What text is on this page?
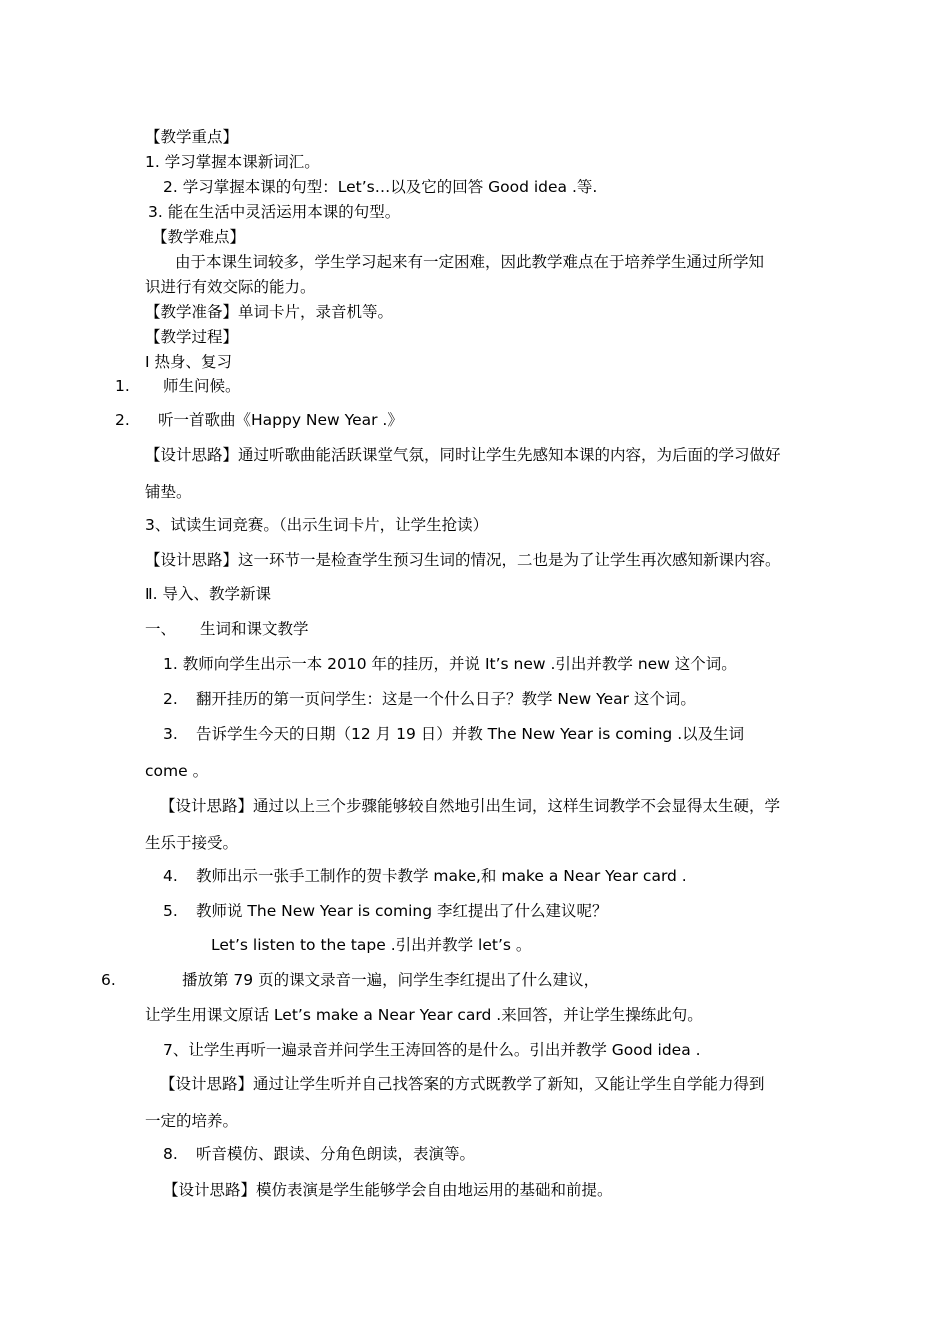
【教学重点】
1. 学习掌握本课新词汇。
2. 学习掌握本课的句型：Let’s…以及它的回答 Good idea .等.
3. 能在生活中灵活运用本课的句型。
【教学难点】
由于本课生词较多，学生学习起来有一定困难，因此教学难点在于培养学生通过所学知
识进行有效交际的能力。
【教学准备】单词卡片，录音机等。
【教学过程】
Ⅰ 热身、复习
1. 师生问候。
2. 听一首歌曲《Happy New Year .》
【设计思路】通过听歌曲能活跃课堂气氛，同时让学生先感知本课的内容，为后面的学习做好
铺垫。
3、试读生词竞赛。（出示生词卡片，让学生抢读）
【设计思路】这一环节一是检查学生预习生词的情况，二也是为了让学生再次感知新课内容。
Ⅱ. 导入、教学新课
一、 生词和课文教学
1. 教师向学生出示一本 2010 年的挂历，并说 It’s new .引出并教学 new 这个词。
2. 翻开挂历的第一页问学生：这是一个什么日子？教学 New Year 这个词。
3. 告诉学生今天的日期（12 月 19 日）并教 The New Year is coming .以及生词
come 。
【设计思路】通过以上三个步骤能够较自然地引出生词，这样生词教学不会显得太生硬，学
生乐于接受。
4. 教师出示一张手工制作的贺卡教学 make,和 make a Near Year card .
5. 教师说 The New Year is coming 李红提出了什么建议呢？
Let’s listen to the tape .引出并教学 let’s 。
6.	播放第 79 页的课文录音一遍，问学生李红提出了什么建议，
让学生用课文原话 Let’s make a Near Year card .来回答，并让学生操练此句。
7、让学生再听一遍录音并问学生王涛回答的是什么。引出并教学 Good idea .
【设计思路】通过让学生听并自己找答案的方式既教学了新知，又能让学生自学能力得到
一定的培养。
8. 听音模仿、跟读、分角色朗读，表演等。
【设计思路】模仿表演是学生能够学会自由地运用的基础和前提。
